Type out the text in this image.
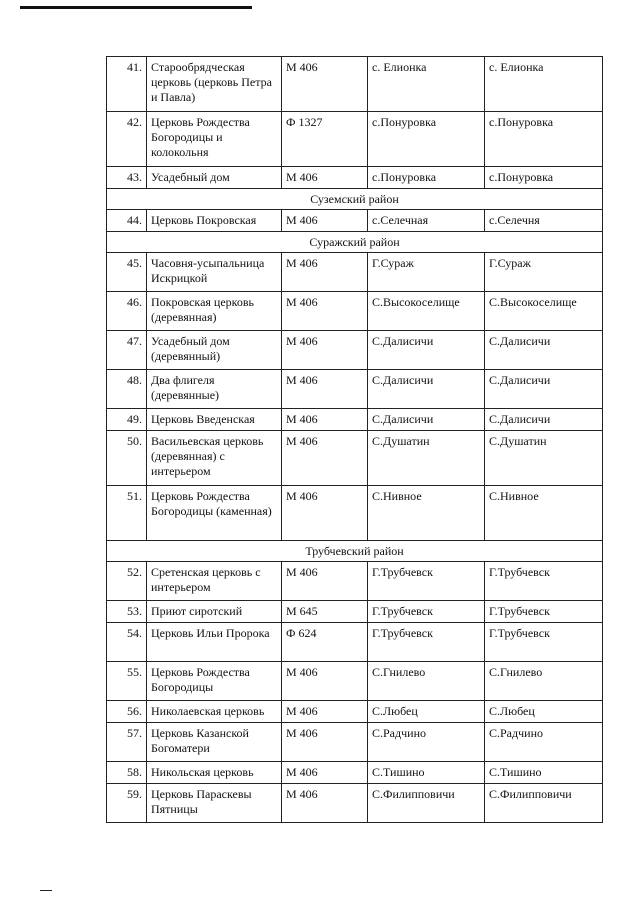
41.	Старообрядческая церковь (церковь Петра и Павла)	М 406	с. Елионка	с. Елионка
42.	Церковь Рождества Богородицы и колокольня	Ф 1327	с.Понуровка	с.Понуровка
43.	Усадебный дом	М 406	с.Понуровка	с.Понуровка
Суземский район				
44.	Церковь Покровская	М 406	с.Селечная	с.Селечня
Суражский район				
45.	Часовня-усыпальница Искрицкой	М 406	Г.Сураж	Г.Сураж
46.	Покровская церковь (деревянная)	М 406	С.Высокоселище	С.Высокоселище
47.	Усадебный дом (деревянный)	М 406	С.Далисичи	С.Далисичи
48.	Два флигеля (деревянные)	М 406	С.Далисичи	С.Далисичи
49.	Церковь Введенская	М 406	С.Далисичи	С.Далисичи
50.	Васильевская церковь (деревянная) с интерьером	М 406	С.Душатин	С.Душатин
51.	Церковь Рождества Богородицы (каменная)	М 406	С.Нивное	С.Нивное
Трубчевский район				
52.	Сретенская церковь с интерьером	М 406	Г.Трубчевск	Г.Трубчевск
53.	Приют сиротский	М 645	Г.Трубчевск	Г.Трубчевск
54.	Церковь Ильи Пророка	Ф 624	Г.Трубчевск	Г.Трубчевск
55.	Церковь Рождества Богородицы	М 406	С.Гнилево	С.Гнилево
56.	Николаевская церковь	М 406	С.Любец	С.Любец
57.	Церковь Казанской Богоматери	М 406	С.Радчино	С.Радчино
58.	Никольская церковь	М 406	С.Тишино	С.Тишино
59.	Церковь Параскевы Пятницы	М 406	С.Филипповичи	С.Филипповичи
